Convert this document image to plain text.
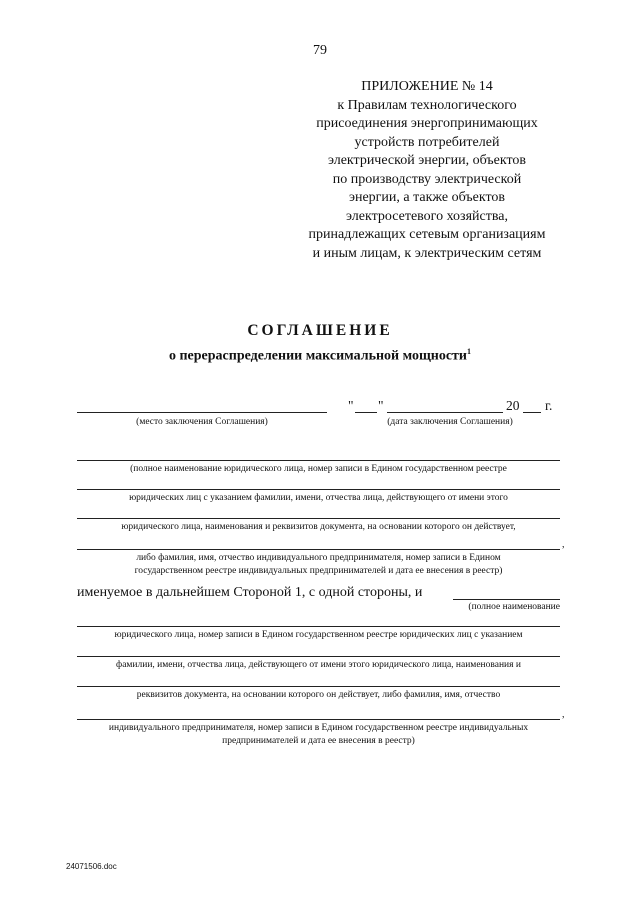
79
ПРИЛОЖЕНИЕ № 14
к Правилам технологического
присоединения энергопринимающих
устройств потребителей
электрической энергии, объектов
по производству электрической
энергии, а также объектов
электросетевого хозяйства,
принадлежащих сетевым организациям
и иным лицам, к электрическим сетям
СОГЛАШЕНИЕ
о перераспределении максимальной мощности$^1$
(место заключения Соглашения)
" "	20 г.
(дата заключения Соглашения)
(полное наименование юридического лица, номер записи в Едином государственном реестре
юридических лиц с указанием фамилии, имени, отчества лица, действующего от имени этого
юридического лица, наименования и реквизитов документа, на основании которого он действует,
,
либо фамилия, имя, отчество индивидуального предпринимателя, номер записи в Едином
государственном реестре индивидуальных предпринимателей и дата ее внесения в реестр)
именуемое в дальнейшем Стороной 1, с одной стороны, и
(полное наименование
юридического лица, номер записи в Едином государственном реестре юридических лиц с указанием
фамилии, имени, отчества лица, действующего от имени этого юридического лица, наименования и
реквизитов документа, на основании которого он действует, либо фамилия, имя, отчество
,
индивидуального предпринимателя, номер записи в Едином государственном реестре индивидуальных
предпринимателей и дата ее внесения в реестр)
24071506.doc
